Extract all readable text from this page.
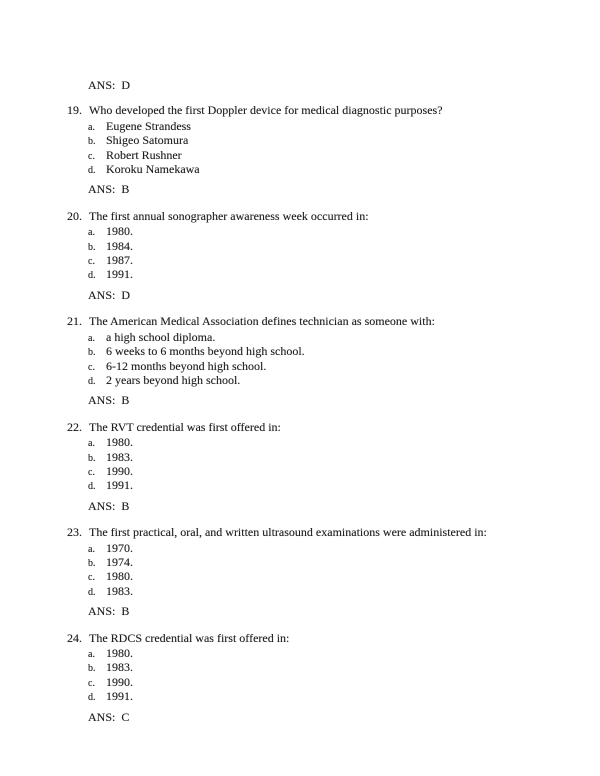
ANS: D
19. Who developed the first Doppler device for medical diagnostic purposes?
a. Eugene Strandess
b. Shigeo Satomura
c. Robert Rushner
d. Koroku Namekawa
ANS: B
20. The first annual sonographer awareness week occurred in:
a. 1980.
b. 1984.
c. 1987.
d. 1991.
ANS: D
21. The American Medical Association defines technician as someone with:
a. a high school diploma.
b. 6 weeks to 6 months beyond high school.
c. 6-12 months beyond high school.
d. 2 years beyond high school.
ANS: B
22. The RVT credential was first offered in:
a. 1980.
b. 1983.
c. 1990.
d. 1991.
ANS: B
23. The first practical, oral, and written ultrasound examinations were administered in:
a. 1970.
b. 1974.
c. 1980.
d. 1983.
ANS: B
24. The RDCS credential was first offered in:
a. 1980.
b. 1983.
c. 1990.
d. 1991.
ANS: C
